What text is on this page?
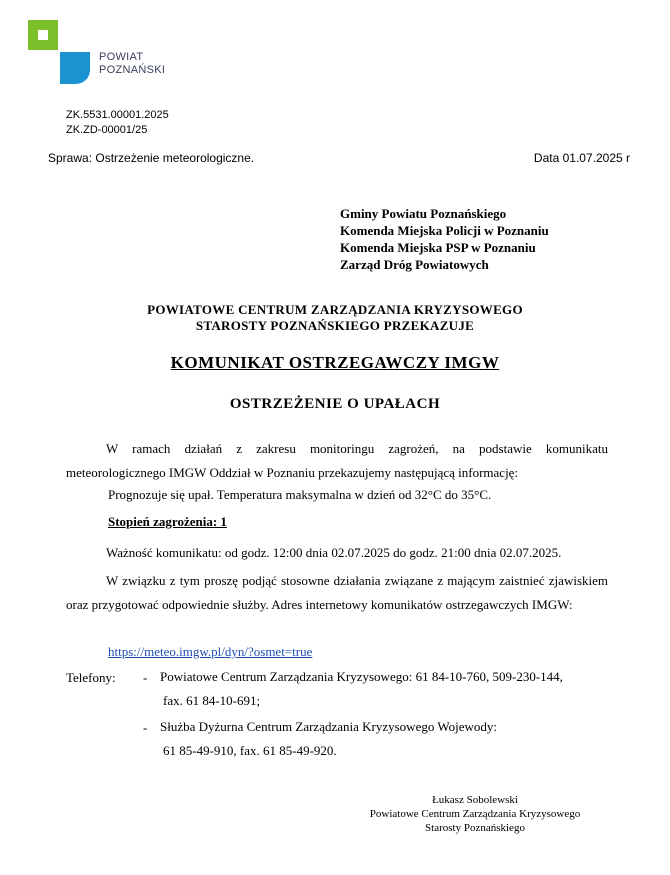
POWIAT
POZNAŃSKI
ZK.5531.00001.2025
ZK.ZD-00001/25
Sprawa: Ostrzeżenie meteorologiczne.	Data 01.07.2025 r
Gminy Powiatu Poznańskiego
Komenda Miejska Policji w Poznaniu
Komenda Miejska PSP w Poznaniu
Zarząd Dróg Powiatowych
POWIATOWE CENTRUM ZARZĄDZANIA KRYZYSOWEGO
STAROSTY POZNAŃSKIEGO PRZEKAZUJE
KOMUNIKAT OSTRZEGAWCZY IMGW
OSTRZEŻENIE O UPAŁACH
W ramach działań z zakresu monitoringu zagrożeń, na podstawie komunikatu meteorologicznego IMGW Oddział w Poznaniu przekazujemy następującą informację:
Prognozuje się upał. Temperatura maksymalna w dzień od 32°C do 35°C.
Stopień zagrożenia: 1
Ważność komunikatu: od godz. 12:00 dnia 02.07.2025 do godz. 21:00 dnia 02.07.2025.
W związku z tym proszę podjąć stosowne działania związane z mającym zaistnieć zjawiskiem oraz przygotować odpowiednie służby. Adres internetowy komunikatów ostrzegawczych IMGW:
https://meteo.imgw.pl/dyn/?osmet=true
Telefony: - Powiatowe Centrum Zarządzania Kryzysowego: 61 84-10-760, 509-230-144,
fax. 61 84-10-691;
- Służba Dyżurna Centrum Zarządzania Kryzysowego Wojewody:
61 85-49-910, fax. 61 85-49-920.
Łukasz Sobolewski
Powiatowe Centrum Zarządzania Kryzysowego
Starosty Poznańskiego
